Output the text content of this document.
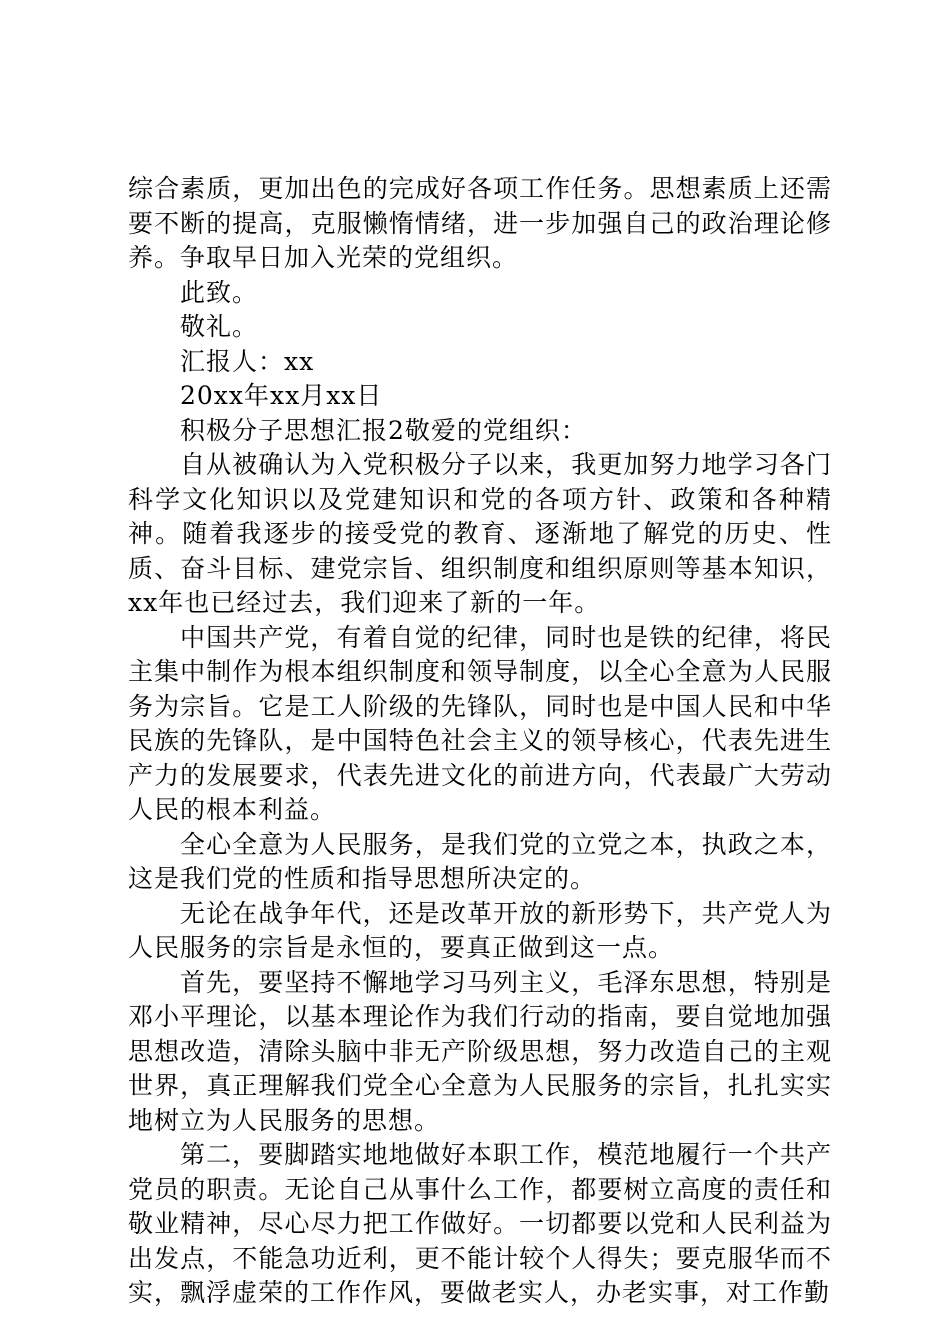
综合素质，更加出色的完成好各项工作任务。思想素质上还需要不断的提高，克服懒惰情绪，进一步加强自己的政治理论修养。争取早日加入光荣的党组织。

此致。

敬礼。

汇报人：xx

20xx年xx月xx日

积极分子思想汇报2敬爱的党组织：

自从被确认为入党积极分子以来，我更加努力地学习各门科学文化知识以及党建知识和党的各项方针、政策和各种精神。随着我逐步的接受党的教育、逐渐地了解党的历史、性质、奋斗目标、建党宗旨、组织制度和组织原则等基本知识，xx年也已经过去，我们迎来了新的一年。

中国共产党，有着自觉的纪律，同时也是铁的纪律，将民主集中制作为根本组织制度和领导制度，以全心全意为人民服务为宗旨。它是工人阶级的先锋队，同时也是中国人民和中华民族的先锋队，是中国特色社会主义的领导核心，代表先进生产力的发展要求，代表先进文化的前进方向，代表最广大劳动人民的根本利益。

全心全意为人民服务，是我们党的立党之本，执政之本，这是我们党的性质和指导思想所决定的。

无论在战争年代，还是改革开放的新形势下，共产党人为人民服务的宗旨是永恒的，要真正做到这一点。

首先，要坚持不懈地学习马列主义，毛泽东思想，特别是邓小平理论，以基本理论作为我们行动的指南，要自觉地加强思想改造，清除头脑中非无产阶级思想，努力改造自己的主观世界，真正理解我们党全心全意为人民服务的宗旨，扎扎实实地树立为人民服务的思想。

第二，要脚踏实地地做好本职工作，模范地履行一个共产党员的职责。无论自己从事什么工作，都要树立高度的责任和敬业精神，尽心尽力把工作做好。一切都要以党和人民利益为出发点，不能急功近利，更不能计较个人得失；要克服华而不实，飘浮虚荣的工作作风，要做老实人，办老实事，对工作勤
